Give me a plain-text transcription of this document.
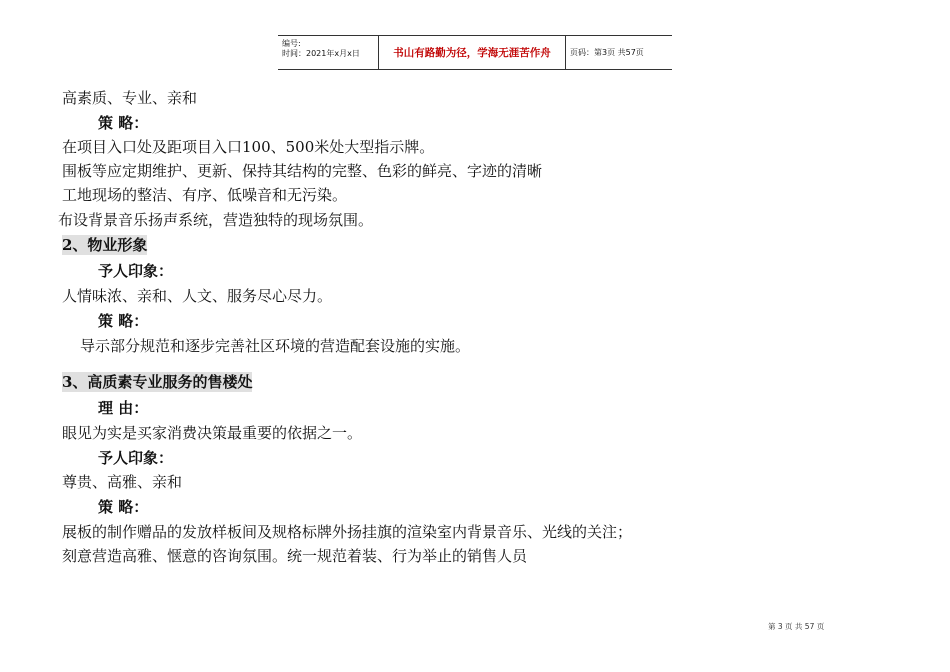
编号:
时间：2021年x月x日	书山有路勤为径，学海无涯苦作舟 页码：第3页 共57页
高素质、专业、亲和
策 略：
在项目入口处及距项目入口100、500米处大型指示牌。
围板等应定期维护、更新、保持其结构的完整、色彩的鲜亮、字迹的清晰
工地现场的整洁、有序、低噪音和无污染。
布设背景音乐扬声系统，营造独特的现场氛围。
2、物业形象
予人印象：
人情味浓、亲和、人文、服务尽心尽力。
策 略：
导示部分规范和逐步完善社区环境的营造配套设施的实施。
3、高质素专业服务的售楼处
理 由：
眼见为实是买家消费决策最重要的依据之一。
予人印象：
尊贵、高雅、亲和
策 略：
展板的制作赠品的发放样板间及规格标牌外扬挂旗的渲染室内背景音乐、光线的关注；
刻意营造高雅、惬意的咨询氛围。统一规范着装、行为举止的销售人员
第 3 页 共 57 页
